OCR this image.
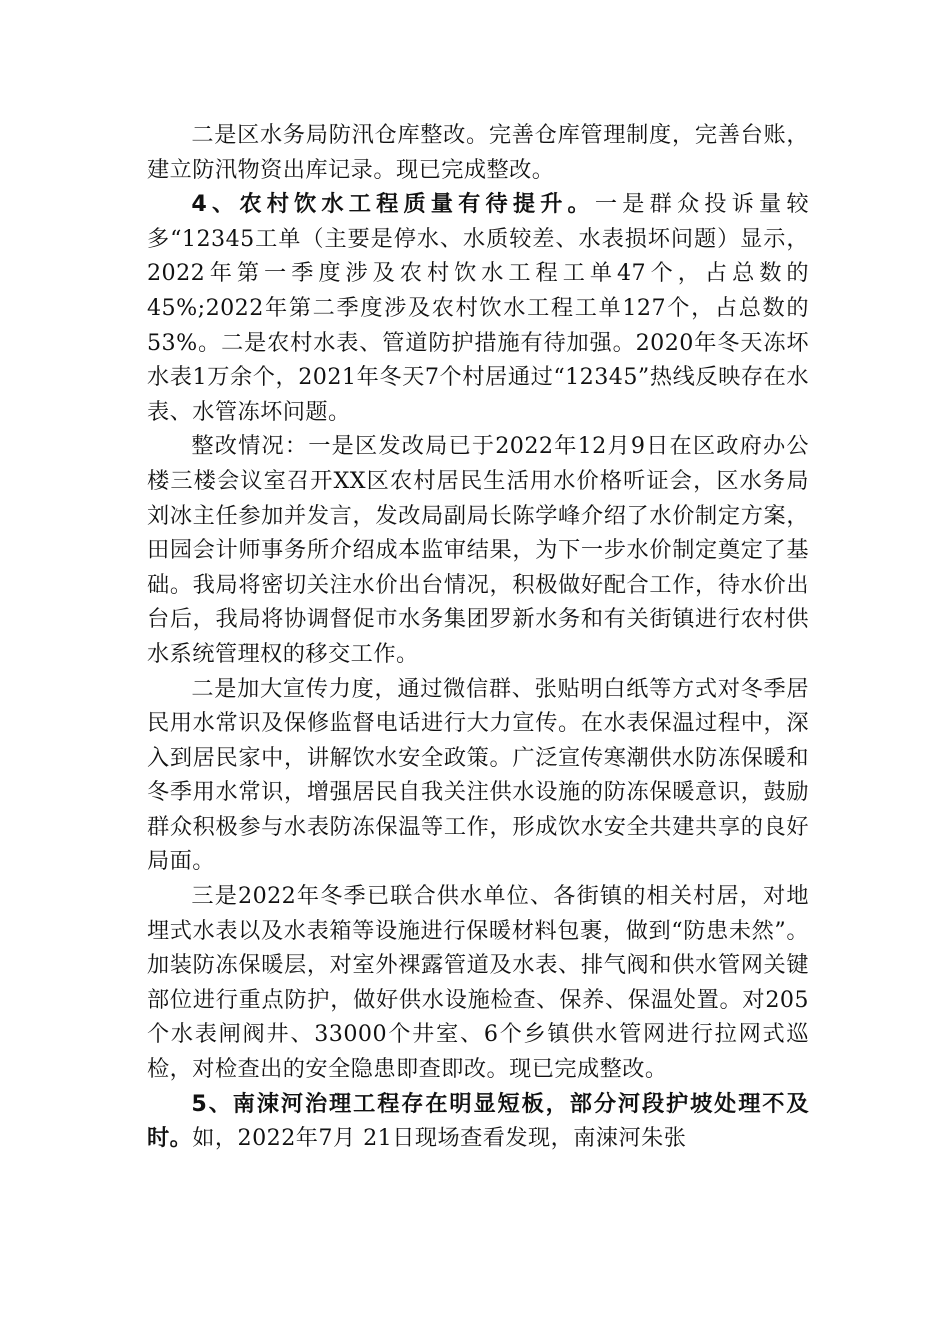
二是区水务局防汛仓库整改。完善仓库管理制度，完善台账，建立防汛物资出库记录。现已完成整改。

4、农村饮水工程质量有待提升。一是群众投诉量较多“12345工单（主要是停水、水质较差、水表损坏问题）显示， 2022年第一季度涉及农村饮水工程工单47个，占总数的45%;2022年第二季度涉及农村饮水工程工单127个，占总数的53%。二是农村水表、管道防护措施有待加强。2020年冬天冻坏水表1万余个，2021年冬天7个村居通过“12345”热线反映存在水表、水管冻坏问题。

整改情况：一是区发改局已于2022年12月9日在区政府办公楼三楼会议室召开XX区农村居民生活用水价格听证会，区水务局刘冰主任参加并发言，发改局副局长陈学峰介绍了水价制定方案，田园会计师事务所介绍成本监审结果，为下一步水价制定奠定了基础。我局将密切关注水价出台情况，积极做好配合工作，待水价出台后，我局将协调督促市水务集团罗新水务和有关街镇进行农村供水系统管理权的移交工作。

二是加大宣传力度，通过微信群、张贴明白纸等方式对冬季居民用水常识及保修监督电话进行大力宣传。在水表保温过程中，深入到居民家中，讲解饮水安全政策。广泛宣传寒潮供水防冻保暖和冬季用水常识，增强居民自我关注供水设施的防冻保暖意识，鼓励群众积极参与水表防冻保温等工作，形成饮水安全共建共享的良好局面。

三是2022年冬季已联合供水单位、各街镇的相关村居，对地埋式水表以及水表箱等设施进行保暖材料包裹，做到“防患未然”。 加装防冻保暖层，对室外裸露管道及水表、排气阀和供水管网关键部位进行重点防护，做好供水设施检查、保养、保温处置。对205个水表闸阀井、33000个井室、6个乡镇供水管网进行拉网式巡检，对检查出的安全隐患即查即改。现已完成整改。

5、南涑河治理工程存在明显短板，部分河段护坡处理不及时。如，2022年7月 21日现场查看发现，南涑河朱张
